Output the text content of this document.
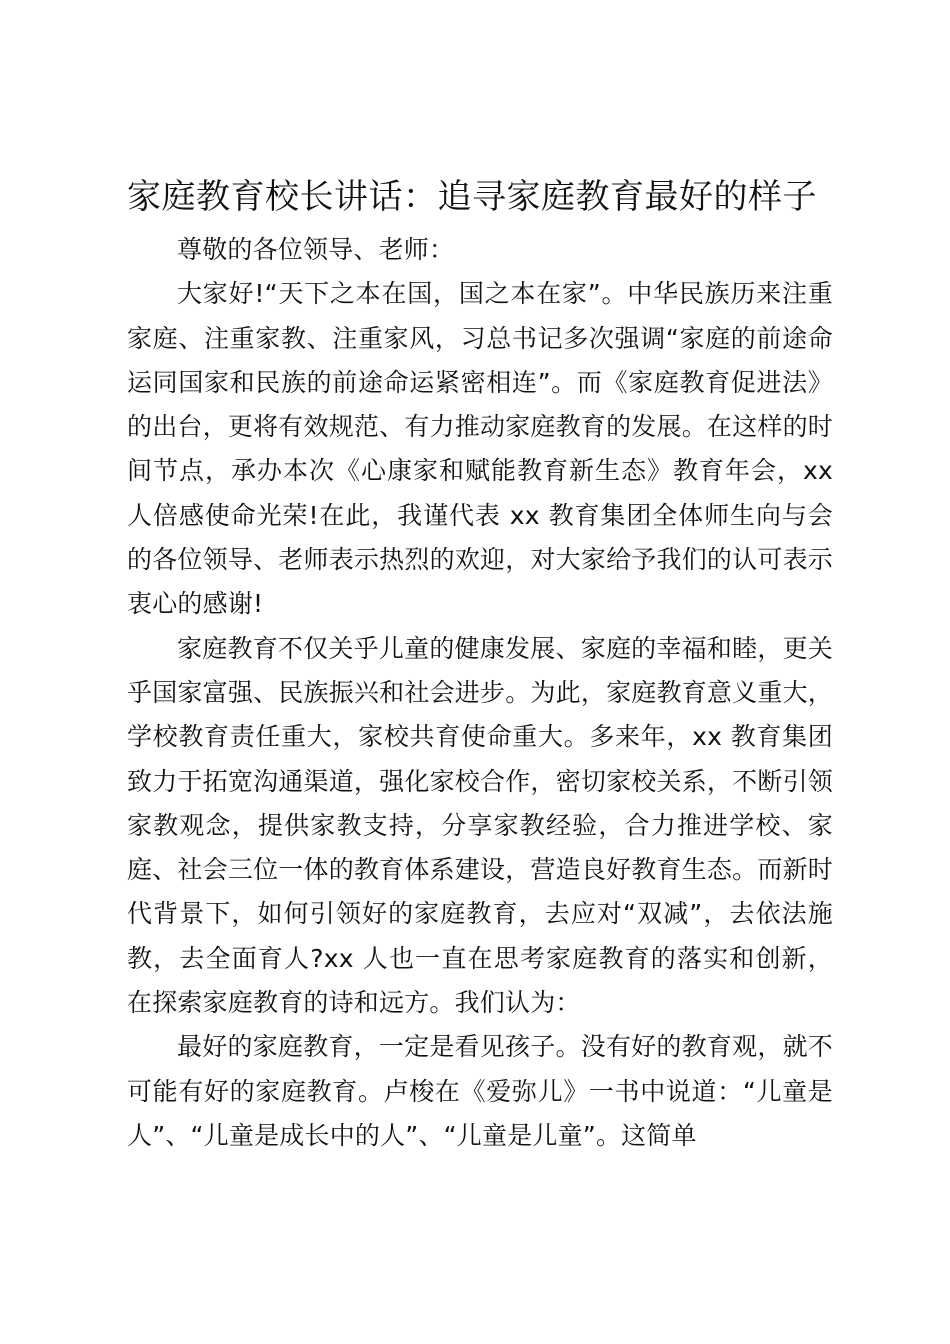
家庭教育校长讲话：追寻家庭教育最好的样子

尊敬的各位领导、老师：

大家好!“天下之本在国，国之本在家”。中华民族历来注重家庭、注重家教、注重家风，习总书记多次强调“家庭的前途命运同国家和民族的前途命运紧密相连”。而《家庭教育促进法》的出台，更将有效规范、有力推动家庭教育的发展。在这样的时间节点，承办本次《心康家和赋能教育新生态》教育年会，xx 人倍感使命光荣!在此，我谨代表 xx 教育集团全体师生向与会的各位领导、老师表示热烈的欢迎，对大家给予我们的认可表示衷心的感谢!

家庭教育不仅关乎儿童的健康发展、家庭的幸福和睦，更关乎国家富强、民族振兴和社会进步。为此，家庭教育意义重大，学校教育责任重大，家校共育使命重大。多来年，xx 教育集团致力于拓宽沟通渠道，强化家校合作，密切家校关系，不断引领家教观念，提供家教支持，分享家教经验，合力推进学校、家庭、社会三位一体的教育体系建设，营造良好教育生态。而新时代背景下，如何引领好的家庭教育，去应对“双减”，去依法施教，去全面育人?xx 人也一直在思考家庭教育的落实和创新，在探索家庭教育的诗和远方。我们认为：

最好的家庭教育，一定是看见孩子。没有好的教育观，就不可能有好的家庭教育。卢梭在《爱弥儿》一书中说道：“儿童是人”、“儿童是成长中的人”、“儿童是儿童”。这简单
